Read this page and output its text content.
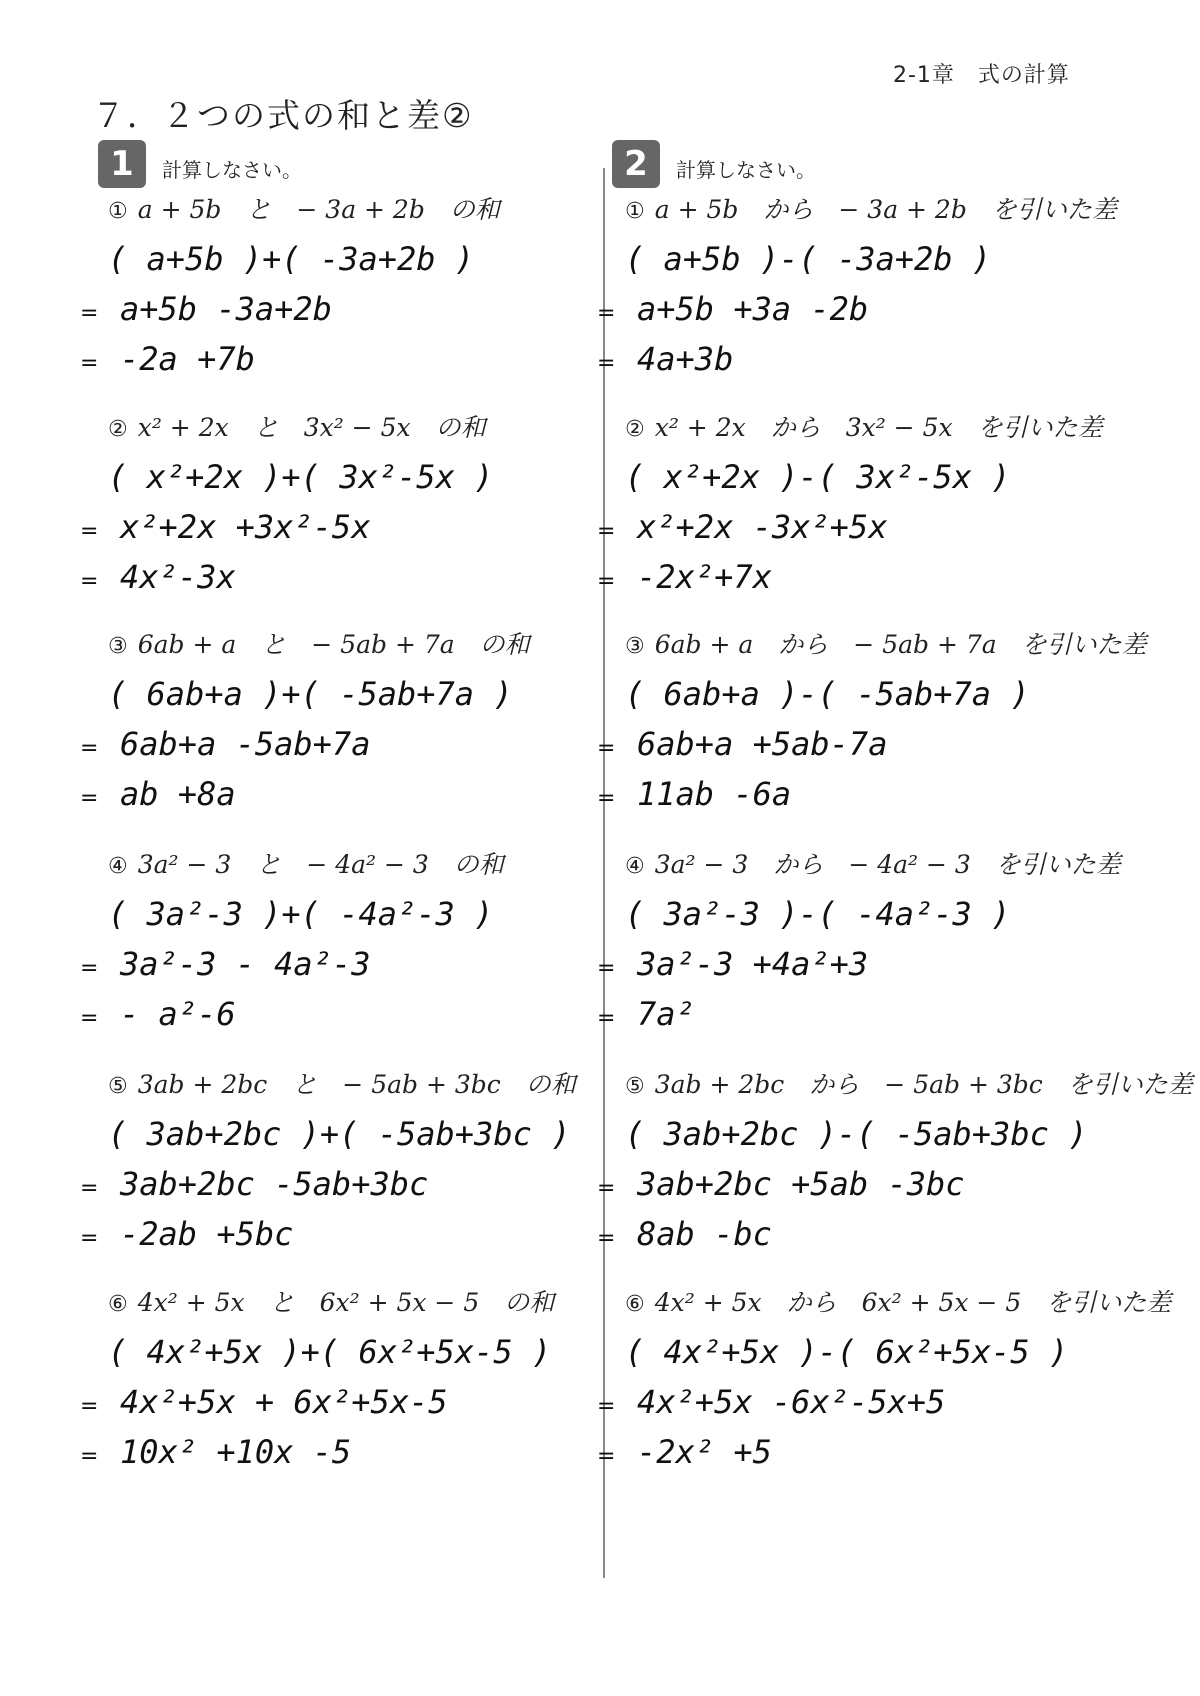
2-1章　式の計算
７．２つの式の和と差②
1	計算しなさい。	2	計算しなさい。
① a + 5b　と　− 3a + 2b　の和
( a+5b )+( -3a+2b )
= a+5b -3a+2b
= -2a +7b
② x² + 2x　と　3x² − 5x　の和
( x²+2x )+( 3x²-5x )
= x²+2x +3x²-5x
= 4x²-3x
③ 6ab + a　と　− 5ab + 7a　の和
( 6ab+a )+( -5ab+7a )
= 6ab+a -5ab+7a
= ab +8a
④ 3a² − 3　と　− 4a² − 3　の和
( 3a²-3 )+( -4a²-3 )
= 3a²-3 - 4a²-3
= - a²-6
⑤ 3ab + 2bc　と　− 5ab + 3bc　の和
( 3ab+2bc )+( -5ab+3bc )
= 3ab+2bc -5ab+3bc
= -2ab +5bc
⑥ 4x² + 5x　と　6x² + 5x − 5　の和
( 4x²+5x )+( 6x²+5x-5 )
= 4x²+5x + 6x²+5x-5
= 10x² +10x -5
① a + 5b　から　− 3a + 2b　を引いた差
( a+5b )-( -3a+2b )
= a+5b +3a -2b
= 4a+3b
② x² + 2x　から　3x² − 5x　を引いた差
( x²+2x )-( 3x²-5x )
= x²+2x -3x²+5x
= -2x²+7x
③ 6ab + a　から　− 5ab + 7a　を引いた差
( 6ab+a )-( -5ab+7a )
= 6ab+a +5ab-7a
= 11ab -6a
④ 3a² − 3　から　− 4a² − 3　を引いた差
( 3a²-3 )-( -4a²-3 )
= 3a²-3 +4a²+3
= 7a²
⑤ 3ab + 2bc　から　− 5ab + 3bc　を引いた差
( 3ab+2bc )-( -5ab+3bc )
= 3ab+2bc +5ab -3bc
= 8ab -bc
⑥ 4x² + 5x　から　6x² + 5x − 5　を引いた差
( 4x²+5x )-( 6x²+5x-5 )
= 4x²+5x -6x²-5x+5
= -2x² +5
